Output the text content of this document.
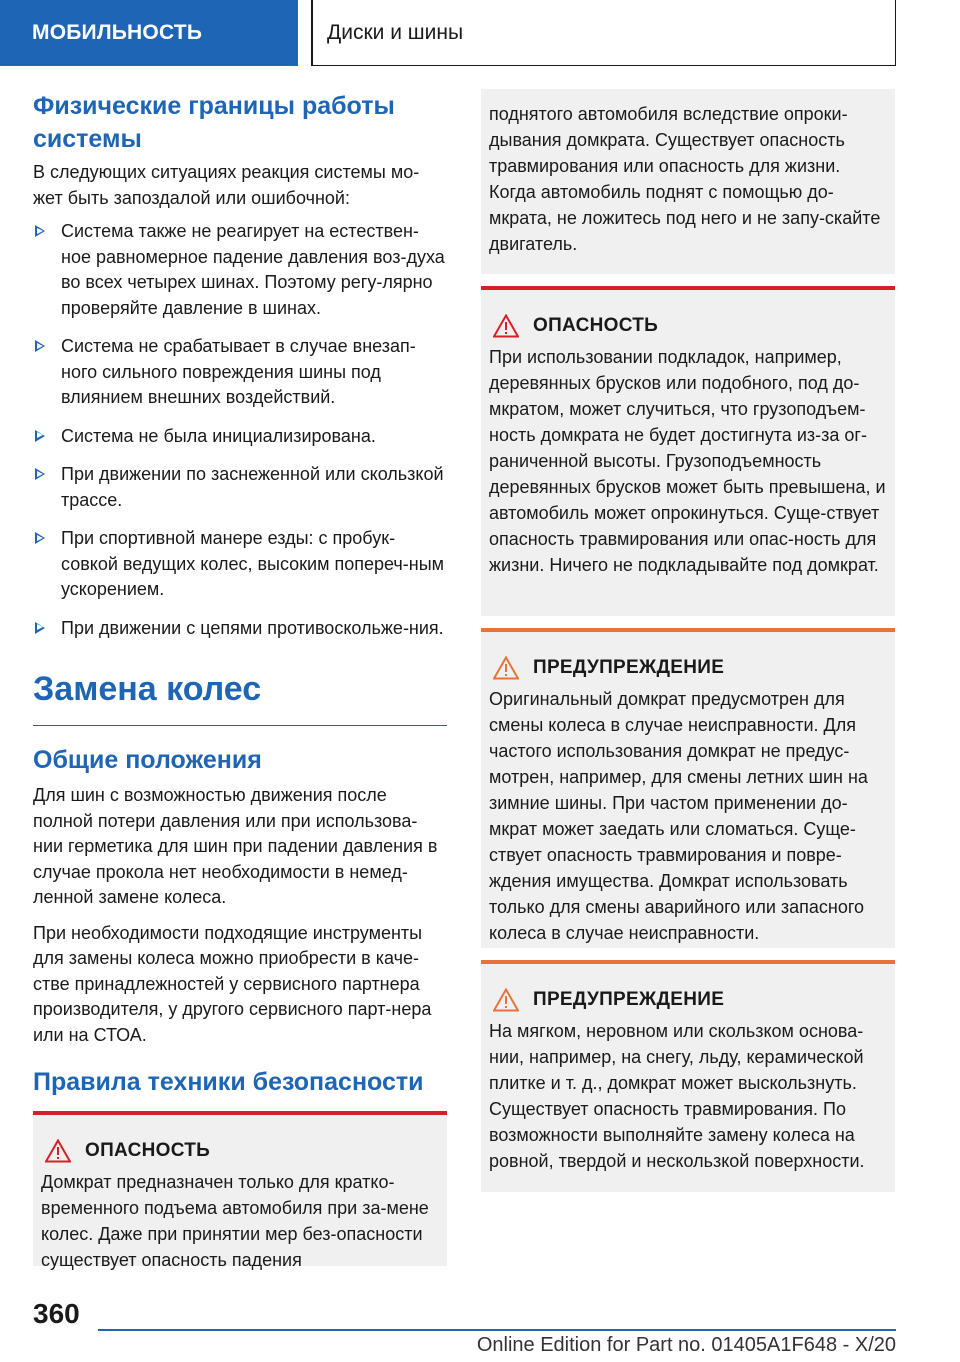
МОБИЛЬНОСТЬ	Диски и шины
Физические границы работы
системы

В следующих ситуациях реакция системы мо-жет быть запоздалой или ошибочной:

Система также не реагирует на естествен-ное равномерное падение давления воз-духа во всех четырех шинах. Поэтому регу-лярно проверяйте давление в шинах.
Система не срабатывает в случае внезап-ного сильного повреждения шины под влиянием внешних воздействий.
Система не была инициализирована.
При движении по заснеженной или скользкой трассе.
При спортивной манере езды: с пробук-совкой ведущих колес, высоким попереч-ным ускорением.
При движении с цепями противоскольже-ния.
Замена колес
Общие положения

Для шин с возможностью движения после полной потери давления или при использова-нии герметика для шин при падении давления в случае прокола нет необходимости в немед-ленной замене колеса.

При необходимости подходящие инструменты для замены колеса можно приобрести в каче-стве принадлежностей у сервисного партнера производителя, у другого сервисного парт-нера или на СТОА.

Правила техники безопасности
ОПАСНОСТЬ

Домкрат предназначен только для кратко-временного подъема автомобиля при за-мене колес. Даже при принятии мер без-опасности существует опасность падения

поднятого автомобиля вследствие опроки-дывания домкрата. Существует опасность травмирования или опасность для жизни. Когда автомобиль поднят с помощью до-мкрата, не ложитесь под него и не запу-скайте двигатель.

ОПАСНОСТЬ

При использовании подкладок, например, деревянных брусков или подобного, под до-мкратом, может случиться, что грузоподъем-ность домкрата не будет достигнута из-за ог-раниченной высоты. Грузоподъемность деревянных брусков может быть превышена, и автомобиль может опрокинуться. Суще-ствует опасность травмирования или опас-ность для жизни. Ничего не подкладывайте под домкрат.

ПРЕДУПРЕЖДЕНИЕ

Оригинальный домкрат предусмотрен для смены колеса в случае неисправности. Для частого использования домкрат не предус-мотрен, например, для смены летних шин на зимние шины. При частом применении до-мкрат может заедать или сломаться. Суще-ствует опасность травмирования и повре-ждения имущества. Домкрат использовать только для смены аварийного или запасного колеса в случае неисправности.

ПРЕДУПРЕЖДЕНИЕ

На мягком, неровном или скользком основа-нии, например, на снегу, льду, керамической плитке и т. д., домкрат может выскользнуть. Существует опасность травмирования. По возможности выполняйте замену колеса на ровной, твердой и нескользкой поверхности.

360
Online Edition for Part no. 01405A1F648 - X/20
